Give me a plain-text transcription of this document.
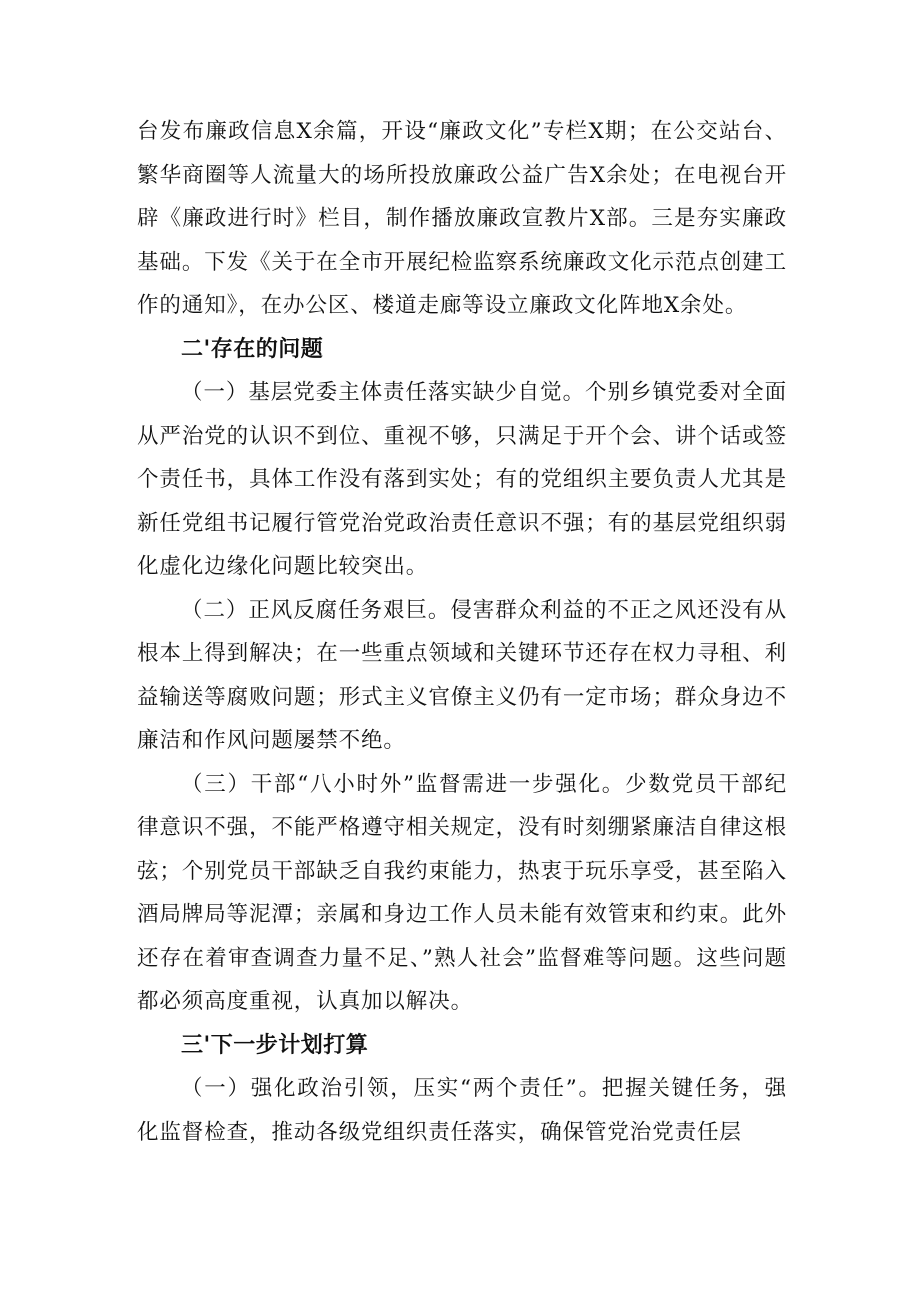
台发布廉政信息X余篇，开设“廉政文化”专栏X期；在公交站台、繁华商圈等人流量大的场所投放廉政公益广告X余处；在电视台开辟《廉政进行时》栏目，制作播放廉政宣教片X部。三是夯实廉政基础。下发《关于在全市开展纪检监察系统廉政文化示范点创建工作的通知》，在办公区、楼道走廊等设立廉政文化阵地X余处。

二'存在的问题

（一）基层党委主体责任落实缺少自觉。个别乡镇党委对全面从严治党的认识不到位、重视不够，只满足于开个会、讲个话或签个责任书，具体工作没有落到实处；有的党组织主要负责人尤其是新任党组书记履行管党治党政治责任意识不强；有的基层党组织弱化虚化边缘化问题比较突出。

（二）正风反腐任务艰巨。侵害群众利益的不正之风还没有从根本上得到解决；在一些重点领域和关键环节还存在权力寻租、利益输送等腐败问题；形式主义官僚主义仍有一定市场；群众身边不廉洁和作风问题屡禁不绝。

（三）干部“八小时外”监督需进一步强化。少数党员干部纪律意识不强，不能严格遵守相关规定，没有时刻绷紧廉洁自律这根弦；个别党员干部缺乏自我约束能力，热衷于玩乐享受，甚至陷入酒局牌局等泥潭；亲属和身边工作人员未能有效管束和约束。此外还存在着审查调查力量不足、”熟人社会”监督难等问题。这些问题都必须高度重视，认真加以解决。

三'下一步计划打算

（一）强化政治引领，压实“两个责任”。把握关键任务，强化监督检查，推动各级党组织责任落实，确保管党治党责任层
